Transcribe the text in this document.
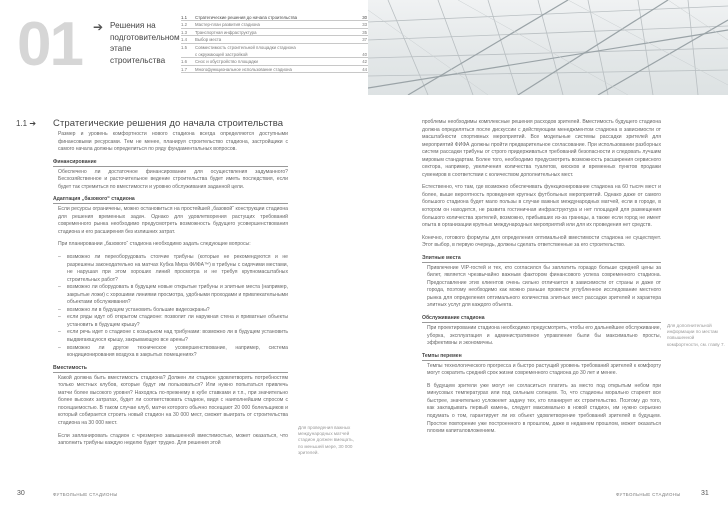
01 ➔ Решения на подготовительном этапе строительства
1.1	Стратегические решения до начала строительства	30
1.2	Мастер-план развития стадиона	33
1.3	Транспортная инфраструктура	35
1.4	Выбор места	37
1.5	Совместимость строительной площадки стадиона
с окружающей застройкой	40
1.6	Снос и обустройство площадки	42
1.7	Многофункциональное использование стадиона	44
1.1 ➔ Стратегические решения до начала строительства

Размер и уровень комфортности нового стадиона всегда определяются доступными финансовыми ресурсами. Тем не менее, планируя строительство стадиона, застройщики с самого начала должны определиться по ряду фундаментальных вопросов.

Финансирование

Обеспечено ли достаточное финансирование для осуществления задуманного? Бесхозяйственное и расточительное ведение строительства будет иметь последствия, если будет так стремиться по вместимости и уровню обслуживания заданной цели.

Адаптация „базового“ стадиона

Если ресурсы ограничены, можно остановиться на простейшей „базовой“ конструкции стадиона для решения временных задач. Однако для удовлетворения растущих требований современного рынка необходимо предусмотреть возможность будущего усовершенствования стадиона и его расширения без излишних затрат.

При планировании „базового“ стадиона необходимо задать следующие вопросы:

– возможно ли переоборудовать стоячие трибуны (которые не рекомендуются и не разрешены законодательно на матчах Кубка Мира ФИФА™) в трибуны с сидячими местами, не нарушая при этом хороших линий просмотра и не требуя крупномасштабных строительных работ?
– возможно ли оборудовать в будущем новые открытые трибуны и элитные места (например, закрытые ложи) с хорошими линиями просмотра, удобными проходами и привлекательными объектами обслуживания?
– возможно ли в будущем установить большие видеоэкраны?
– если ряды идут об открытом стадионе: позволит ли наружная стена и приватные объекты установить в будущем крышу?
– если речь идет о стадионе с козырьком над трибунами: возможно ли в будущем установить выдвигающуюся крышу, закрывающую все арены?
– возможно ли другое техническое усовершенствование, например, система кондиционирования воздуха в закрытых помещениях?
Вместимость

Какой должна быть вместимость стадиона? Должен ли стадион удовлетворять потребностям только местных клубов, которые будут им пользоваться? Или нужно попытаться привлечь матчи более высокого уровня? Находясь по-прежнему в кубе ставками и т.п., при значительно более высоких затратах, будет ли соответствовать стадион, видя с наиполнейшим спросом с посещаемостью. В таком случае клуб, матчи которого обычно посещают 20 000 болельщиков и который собирается строить новый стадион на 30 000 мест, сможет выиграть от строительства стадиона на 30 000 мест.

Если запланировать стадион с чрезмерно завышенной вместимостью, может оказаться, что заполнить трибуны каждую неделю будет трудно. Для решения этой

проблемы необходимы комплексные решения расходов зрителей. Вместимость будущего стадиона должна определяться после дискуссии с действующим менеджментом стадиона в зависимости от масштабности спортивных мероприятий. Все модельные системы рассадки зрителей для мероприятий ФИФА должны пройти предварительное согласование. При использовании разборных систем рассадки трибуны от строго придерживаться требований безопасности и следовать лучшим мировым стандартам. Более того, необходимо предусмотреть возможность расширения сервисного сектора, например, увеличения количества туалетов, киосков и временных пунктов продажи сувениров в соответствии с количеством дополнительных мест.

Естественно, что там, где возможно обеспечивать функционирование стадиона на 60 тысяч мест и более, выше вероятность проведения крупных футбольных мероприятий. Однако даже от самого большого стадиона будет мало пользы в случае важных международных матчей, если в городе, в котором он находится, не развита гостиничная инфраструктура и нет площадей для размещения большого количества зрителей, возможно, прибывших из-за границы, а также если город не имеет опыта в организации крупных международных мероприятий или для их проведения нет средств.

Конечно, готового формулы для определения оптимальной вместимости стадиона не существует. Этот выбор, в первую очередь, должны сделать ответственные за его строительство.

Элитные места

Привлечение VIP-гостей и тех, кто согласился бы заплатить гораздо больше средней цены за билет, является чрезвычайно важным фактором финансового успеха современного стадиона. Предоставление этих клиентов очень сильно отличается в зависимости от страны и даже от города, поэтому необходимо как можно раньше провести углубленное исследование местного рынка для определения оптимального количества элитных мест рассадки зрителей и характера элитных услуг для каждого объекта.

Обслуживание стадиона

При проектировании стадиона необходимо предусмотреть, чтобы его дальнейшее обслуживание, уборка, эксплуатация и административное управление были бы максимально просты, эффективны и экономичны.

Темпы перемен

Темпы технологического прогресса и быстро растущий уровень требований зрителей к комфорту могут сократить средний срок жизни современного стадиона до 30 лет и менее.

В будущем зрители уже могут не согласиться платить за место под открытым небом при минусовых температурах или под сильным солнцем. То, что стадионы морально стареют все быстрее, значительно усложняет задачу тех, кто планирует их строительство. Поэтому до того, как закладывать первый камень, следует максимально в новой стадион, им нужно серьезно подумать о том, гарантирует ли их объект удовлетворение требований зрителей в будущем. Простое повторение уже построенного в прошлом, даже в недавнем прошлом, может оказаться плохим капиталовложением.

Для проведения важных международных матчей стадион должен вмещать, по меньшей мере, 30 000 зрителей.
Для дополнительной информации по местам повышенной комфортности, см. главу 7.
30	ФУТБОЛЬНЫЕ СТАДИОНЫ	ФУТБОЛЬНЫЕ СТАДИОНЫ	31
